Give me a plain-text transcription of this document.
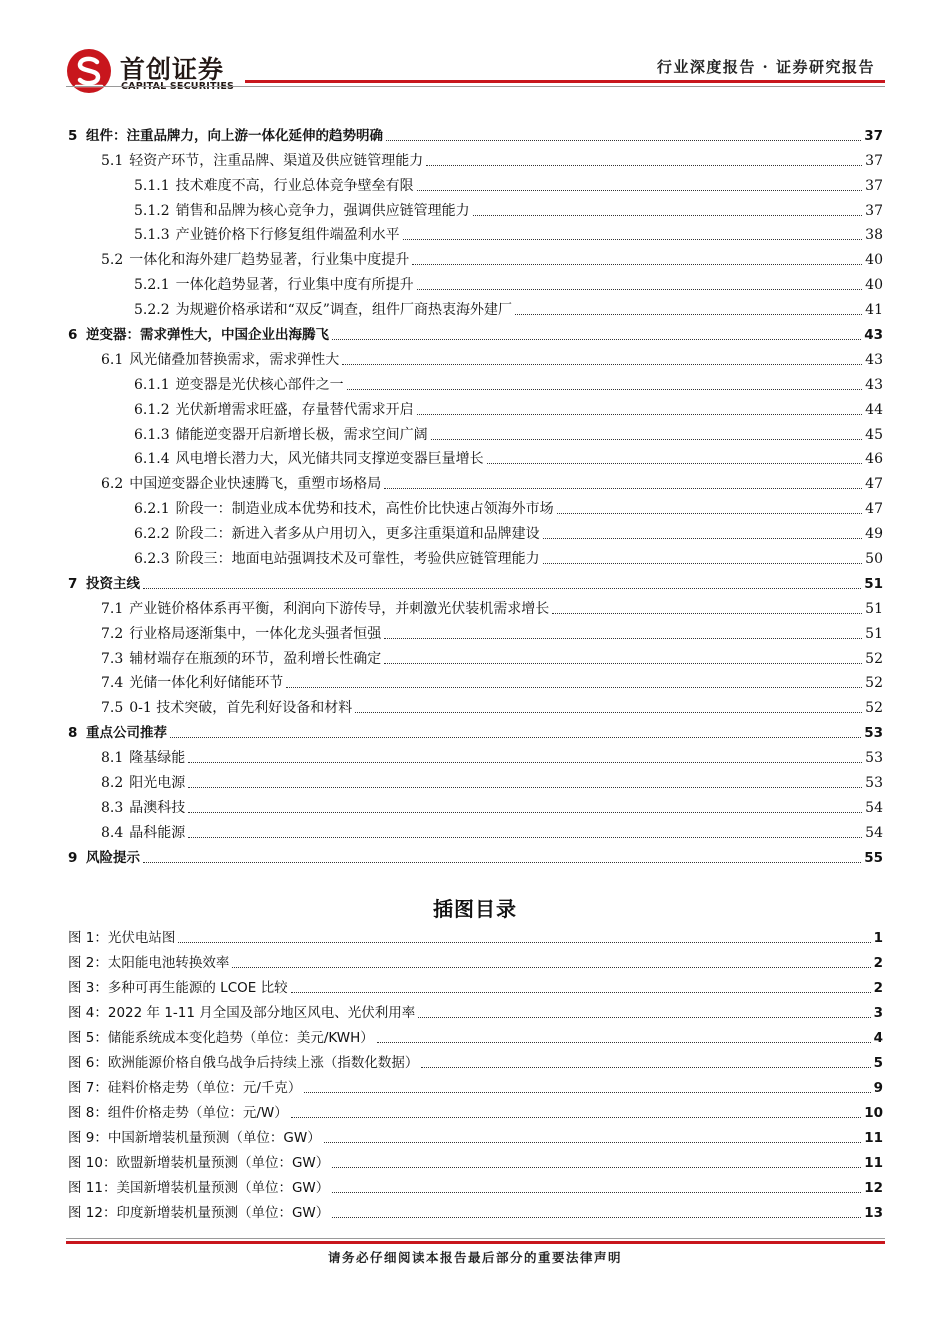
首创证券	行业深度报告 · 证券研究报告
5 组件：注重品牌力，向上游一体化延伸的趋势明确	37
5.1 轻资产环节，注重品牌、渠道及供应链管理能力	37
5.1.1 技术难度不高，行业总体竞争壁垒有限	37
5.1.2 销售和品牌为核心竞争力，强调供应链管理能力	37
5.1.3 产业链价格下行修复组件端盈利水平	38
5.2 一体化和海外建厂趋势显著，行业集中度提升	40
5.2.1 一体化趋势显著，行业集中度有所提升	40
5.2.2 为规避价格承诺和“双反”调查，组件厂商热衷海外建厂	41
6 逆变器：需求弹性大，中国企业出海腾飞	43
6.1 风光储叠加替换需求，需求弹性大	43
6.1.1 逆变器是光伏核心部件之一	43
6.1.2 光伏新增需求旺盛，存量替代需求开启	44
6.1.3 储能逆变器开启新增长极，需求空间广阔	45
6.1.4 风电增长潜力大，风光储共同支撑逆变器巨量增长	46
6.2 中国逆变器企业快速腾飞，重塑市场格局	47
6.2.1 阶段一：制造业成本优势和技术，高性价比快速占领海外市场	47
6.2.2 阶段二：新进入者多从户用切入，更多注重渠道和品牌建设	49
6.2.3 阶段三：地面电站强调技术及可靠性，考验供应链管理能力	50
7 投资主线	51
7.1 产业链价格体系再平衡，利润向下游传导，并刺激光伏装机需求增长	51
7.2 行业格局逐渐集中，一体化龙头强者恒强	51
7.3 辅材端存在瓶颈的环节，盈利增长性确定	52
7.4 光储一体化利好储能环节	52
7.5 0-1 技术突破，首先利好设备和材料	52
8 重点公司推荐	53
8.1 隆基绿能	53
8.2 阳光电源	53
8.3 晶澳科技	54
8.4 晶科能源	54
9 风险提示	55
插图目录
图 1：光伏电站图	1
图 2：太阳能电池转换效率	2
图 3：多种可再生能源的 LCOE 比较	2
图 4：2022 年 1-11 月全国及部分地区风电、光伏利用率	3
图 5：储能系统成本变化趋势（单位：美元/KWH）	4
图 6：欧洲能源价格自俄乌战争后持续上涨（指数化数据）	5
图 7：硅料价格走势（单位：元/千克）	9
图 8：组件价格走势（单位：元/W）	10
图 9：中国新增装机量预测（单位：GW）	11
图 10：欧盟新增装机量预测（单位：GW）	11
图 11：美国新增装机量预测（单位：GW）	12
图 12：印度新增装机量预测（单位：GW）	13
请务必仔细阅读本报告最后部分的重要法律声明
